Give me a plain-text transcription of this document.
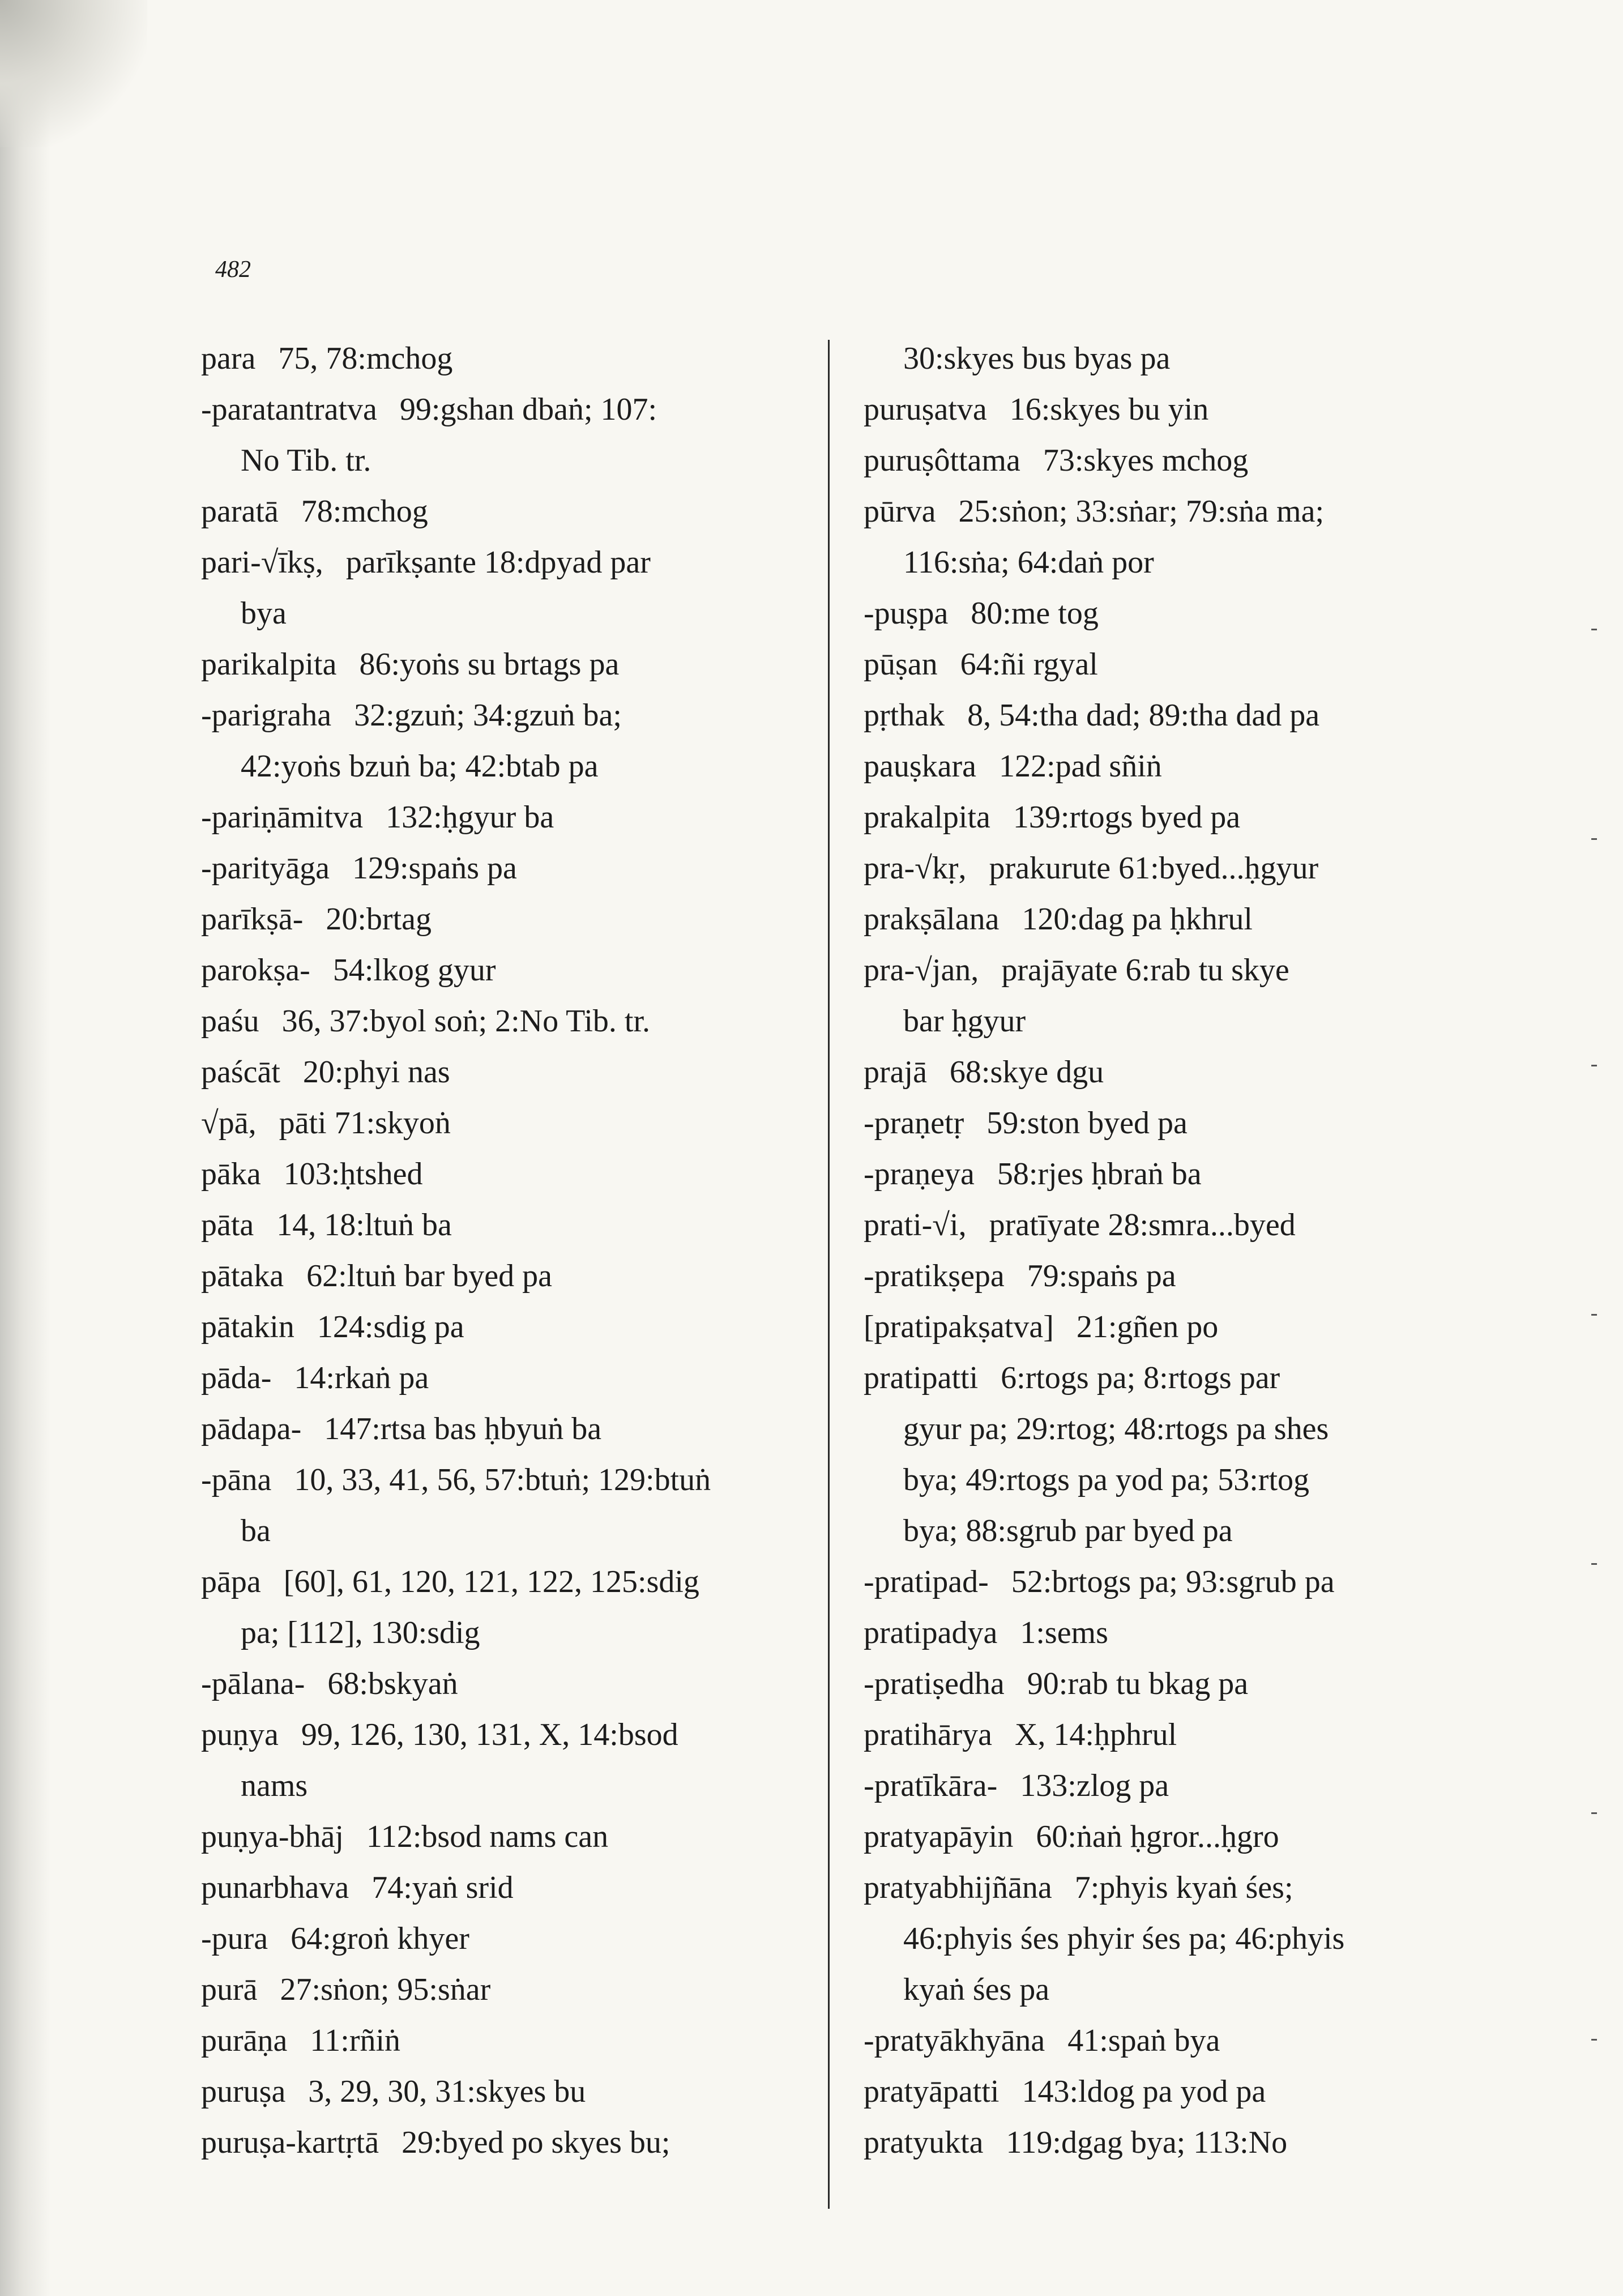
482
para 75, 78:mchog
-paratantratva 99:gshan dbaṅ; 107:
No Tib. tr.
paratā 78:mchog
pari-√īkṣ, parīkṣante 18:dpyad par
bya
parikalpita 86:yoṅs su brtags pa
-parigraha 32:gzuṅ; 34:gzuṅ ba;
42:yoṅs bzuṅ ba; 42:btab pa
-pariṇāmitva 132:ḥgyur ba
-parityāga 129:spaṅs pa
parīkṣā- 20:brtag
parokṣa- 54:lkog gyur
paśu 36, 37:byol soṅ; 2:No Tib. tr.
paścāt 20:phyi nas
√pā, pāti 71:skyoṅ
pāka 103:ḥtshed
pāta 14, 18:ltuṅ ba
pātaka 62:ltuṅ bar byed pa
pātakin 124:sdig pa
pāda- 14:rkaṅ pa
pādapa- 147:rtsa bas ḥbyuṅ ba
-pāna 10, 33, 41, 56, 57:btuṅ; 129:btuṅ
ba
pāpa [60], 61, 120, 121, 122, 125:sdig
pa; [112], 130:sdig
-pālana- 68:bskyaṅ
puṇya 99, 126, 130, 131, X, 14:bsod
nams
puṇya-bhāj 112:bsod nams can
punarbhava 74:yaṅ srid
-pura 64:groṅ khyer
purā 27:sṅon; 95:sṅar
purāṇa 11:rñiṅ
puruṣa 3, 29, 30, 31:skyes bu
puruṣa-kartṛtā 29:byed po skyes bu;
30:skyes bus byas pa
puruṣatva 16:skyes bu yin
puruṣôttama 73:skyes mchog
pūrva 25:sṅon; 33:sṅar; 79:sṅa ma;
116:sṅa; 64:daṅ por
-puṣpa 80:me tog
pūṣan 64:ñi rgyal
pṛthak 8, 54:tha dad; 89:tha dad pa
pauṣkara 122:pad sñiṅ
prakalpita 139:rtogs byed pa
pra-√kṛ, prakurute 61:byed...ḥgyur
prakṣālana 120:dag pa ḥkhrul
pra-√jan, prajāyate 6:rab tu skye
bar ḥgyur
prajā 68:skye dgu
-praṇetṛ 59:ston byed pa
-praṇeya 58:rjes ḥbraṅ ba
prati-√i, pratīyate 28:smra...byed
-pratikṣepa 79:spaṅs pa
[pratipakṣatva] 21:gñen po
pratipatti 6:rtogs pa; 8:rtogs par
gyur pa; 29:rtog; 48:rtogs pa shes
bya; 49:rtogs pa yod pa; 53:rtog
bya; 88:sgrub par byed pa
-pratipad- 52:brtogs pa; 93:sgrub pa
pratipadya 1:sems
-pratiṣedha 90:rab tu bkag pa
pratihārya X, 14:ḥphrul
-pratīkāra- 133:zlog pa
pratyapāyin 60:ṅaṅ ḥgror...ḥgro
pratyabhijñāna 7:phyis kyaṅ śes;
46:phyis śes phyir śes pa; 46:phyis
kyaṅ śes pa
-pratyākhyāna 41:spaṅ bya
pratyāpatti 143:ldog pa yod pa
pratyukta 119:dgag bya; 113:No
